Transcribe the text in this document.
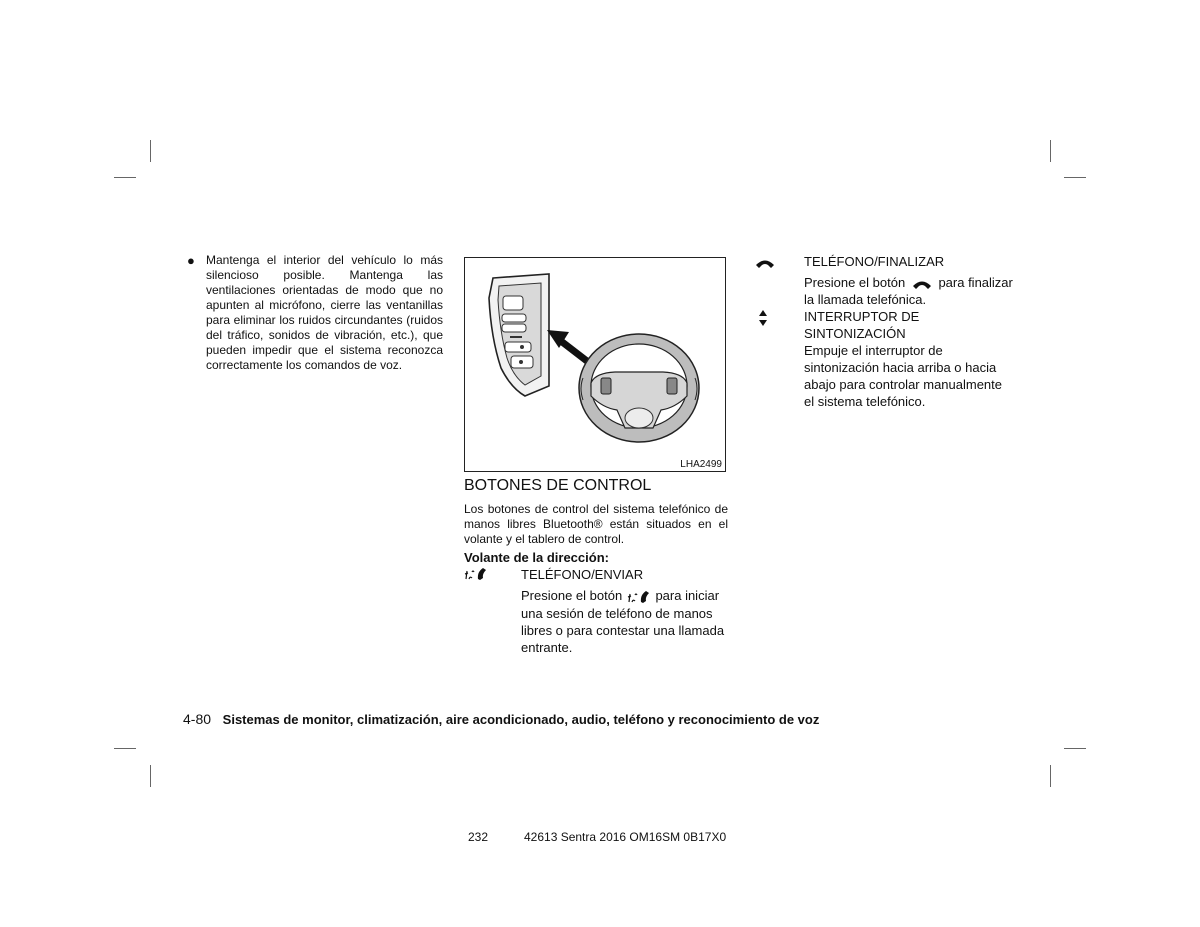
● Mantenga el interior del vehículo lo más silencioso posible. Mantenga las ventilaciones orientadas de modo que no apunten al micrófono, cierre las ventanillas para eliminar los ruidos circundantes (ruidos del tráfico, sonidos de vibración, etc.), que pueden impedir que el sistema reconozca correctamente los comandos de voz.
LHA2499
BOTONES DE CONTROL
Los botones de control del sistema telefónico de manos libres Bluetooth® están situados en el volante y el tablero de control.
Volante de la dirección:
TELÉFONO/ENVIAR
Presione el botón	para iniciar una sesión de teléfono de manos libres o para contestar una llamada entrante.
TELÉFONO/FINALIZAR
Presione el botón	para finalizar la llamada telefónica.
INTERRUPTOR DE SINTONIZACIÓN
Empuje el interruptor de sintonización hacia arriba o hacia abajo para controlar manualmente el sistema telefónico.
4-80 Sistemas de monitor, climatización, aire acondicionado, audio, teléfono y reconocimiento de voz
232	42613 Sentra 2016 OM16SM 0B17X0
